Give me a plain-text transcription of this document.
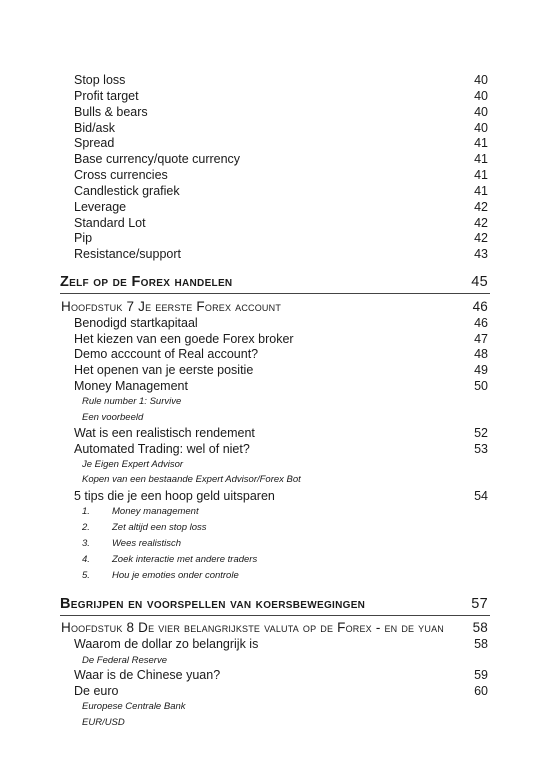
Stop loss	40
Profit target	40
Bulls & bears	40
Bid/ask	40
Spread	41
Base currency/quote currency	41
Cross currencies	41
Candlestick grafiek	41
Leverage	42
Standard Lot	42
Pip	42
Resistance/support	43
Zelf op de Forex handelen	45
Hoofdstuk 7 Je eerste Forex account	46
Benodigd startkapitaal	46
Het kiezen van een goede Forex broker	47
Demo acccount of Real account?	48
Het openen van je eerste positie	49
Money Management	50
Rule number 1: Survive
Een voorbeeld
Wat is een realistisch rendement	52
Automated Trading: wel of niet?	53
Je Eigen Expert Advisor
Kopen van een bestaande Expert Advisor/Forex Bot
5 tips die je een hoop geld uitsparen	54
1. Money management
2. Zet altijd een stop loss
3. Wees realistisch
4. Zoek interactie met andere traders
5. Hou je emoties onder controle
Begrijpen en voorspellen van koersbewegingen	57
Hoofdstuk 8 De vier belangrijkste valuta op de Forex - en de yuan 58
Waarom de dollar zo belangrijk is	58
De Federal Reserve
Waar is de Chinese yuan?	59
De euro	60
Europese Centrale Bank
EUR/USD
